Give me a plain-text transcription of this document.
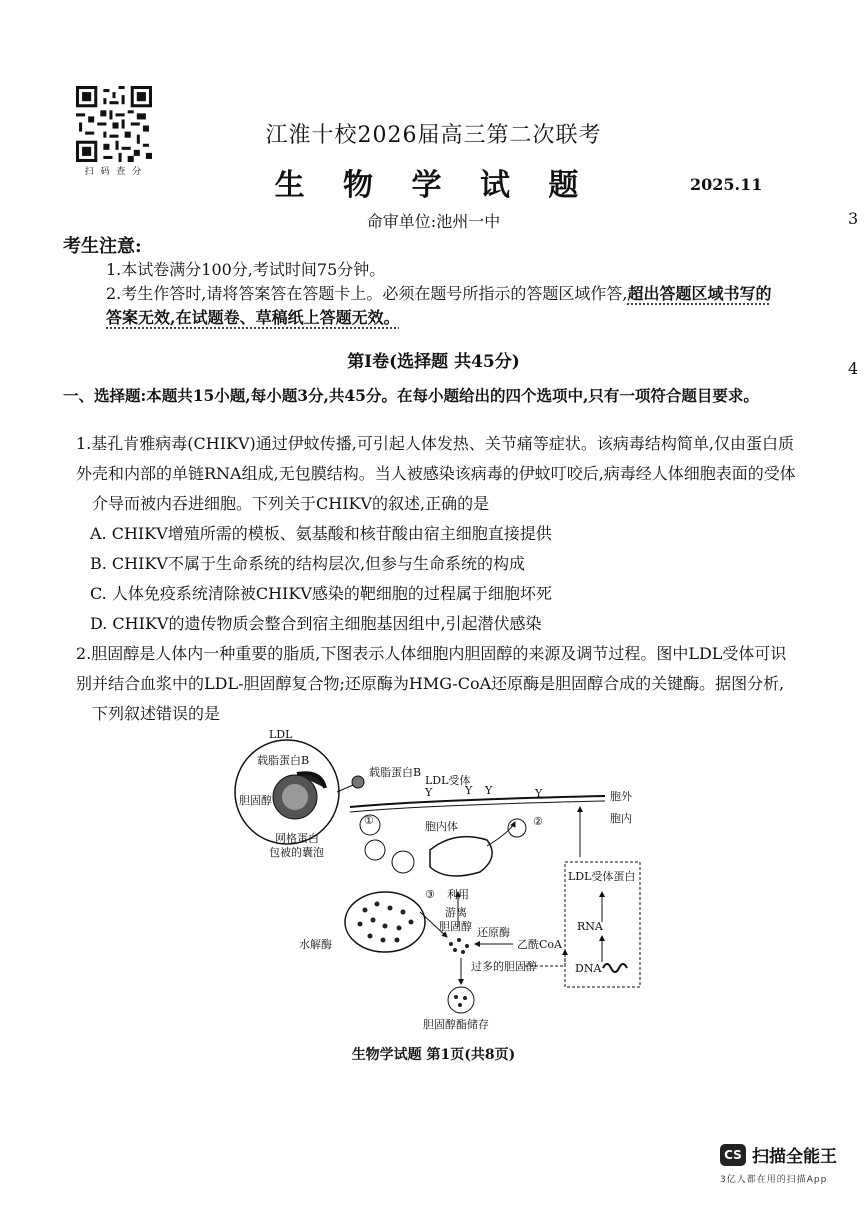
扫 码 查 分
江淮十校2026届高三第二次联考
生 物 学 试 题	2025.11
命审单位:池州一中	3
4
考生注意:
1.本试卷满分100分,考试时间75分钟。
2.考生作答时,请将答案答在答题卡上。必须在题号所指示的答题区域作答,超出答题区域书写的
答案无效,在试题卷、草稿纸上答题无效。
第Ⅰ卷(选择题 共45分)
一、选择题:本题共15小题,每小题3分,共45分。在每小题给出的四个选项中,只有一项符合题目要求。
1.基孔肯雅病毒(CHIKV)通过伊蚊传播,可引起人体发热、关节痛等症状。该病毒结构简单,仅由蛋白质外 壳和内部的单链RNA组成,无包膜结构。当人被感染该病毒的伊蚊叮咬后,病毒经人体细胞表面的受体
介导而被内吞进细胞。下列关于CHIKV的叙述,正确的是
A. CHIKV增殖所需的模板、氨基酸和核苷酸由宿主细胞直接提供
B. CHIKV不属于生命系统的结构层次,但参与生命系统的构成
C. 人体免疫系统清除被CHIKV感染的靶细胞的过程属于细胞坏死
D. CHIKV的遗传物质会整合到宿主细胞基因组中,引起潜伏感染
2.胆固醇是人体内一种重要的脂质,下图表示人体细胞内胆固醇的来源及调节过程。图中LDL受体可识别 并结合血浆中的LDL-胆固醇复合物;还原酶为HMG-CoA还原酶是胆固醇合成的关键酶。据图分析,
下列叙述错误的是
LDL
载脂蛋白B
胆固醇
载脂蛋白B
LDL受体
Y	Y Y	Y	胞外
胞内
①
网格蛋白
包被的囊泡
胞内体	②
水解酶
③ 利用
游离
胆固醇 还原酶
乙酰CoA
过多的胆固醇
胆固醇酯储存
LDL受体蛋白
RNA
DNA
生物学试题 第1页(共8页)
CS 扫描全能王
3亿人都在用的扫描App
